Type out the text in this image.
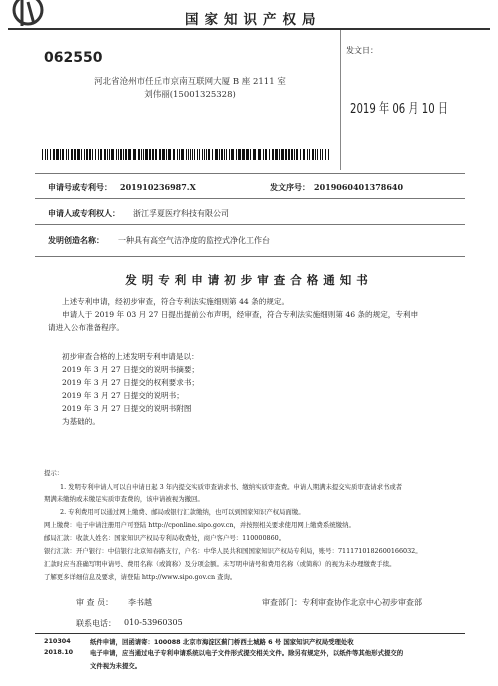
国家知识产权局
062550
河北省沧州市任丘市京南互联网大厦 B 座 2111 室
刘伟丽(15001325328)
发文日：
2019 年 06 月 10 日
申请号或专利号： 201910236987.X	发文序号： 2019060401378640
申请人或专利权人： 浙江孚夏医疗科技有限公司
发明创造名称： 一种具有高空气洁净度的监控式净化工作台
发明专利申请初步审查合格通知书
上述专利申请，经初步审查，符合专利法实施细则第 44 条的规定。
申请人于 2019 年 03 月 27 日提出提前公布声明，经审查，符合专利法实施细则第 46 条的规定，专利申
请进入公布准备程序。
初步审查合格的上述发明专利申请是以：
2019 年 3 月 27 日提交的说明书摘要；
2019 年 3 月 27 日提交的权利要求书；
2019 年 3 月 27 日提交的说明书；
2019 年 3 月 27 日提交的说明书附图
为基础的。
提示：
1. 发明专利申请人可以自申请日起 3 年内提交实质审查请求书、缴纳实质审查费。申请人期满未提交实质审查请求书或者
期满未缴纳或未缴足实质审查费的，该申请被视为撤回。
2. 专利费用可以通过网上缴费、邮局或银行汇款缴纳，也可以到国家知识产权局面缴。
网上缴费：电子申请注册用户可登陆 http://cponline.sipo.gov.cn，并按照相关要求使用网上缴费系统缴纳。
邮局汇款：收款人姓名：国家知识产权局专利局收费处，商户客户号：110000860。
银行汇款：开户银行：中信银行北京知春路支行，户名：中华人民共和国国家知识产权局专利局，账号：7111710182600166032。
汇款时应当准确写明申请号、费用名称（或简称）及分项金额。未写明申请号和费用名称（或简称）的视为未办理缴费手续。
了解更多详细信息及要求，请登陆 http://www.sipo.gov.cn 查询。
审 查 员： 李书越	审查部门： 专利审查协作北京中心初步审查部
联系电话： 010-53960305
210304
2018.10
纸件申请，回函请寄：100088 北京市海淀区蓟门桥西土城路 6 号 国家知识产权局受理处收
电子申请，应当通过电子专利申请系统以电子文件形式提交相关文件。除另有规定外，以纸件等其他形式提交的
文件视为未提交。
